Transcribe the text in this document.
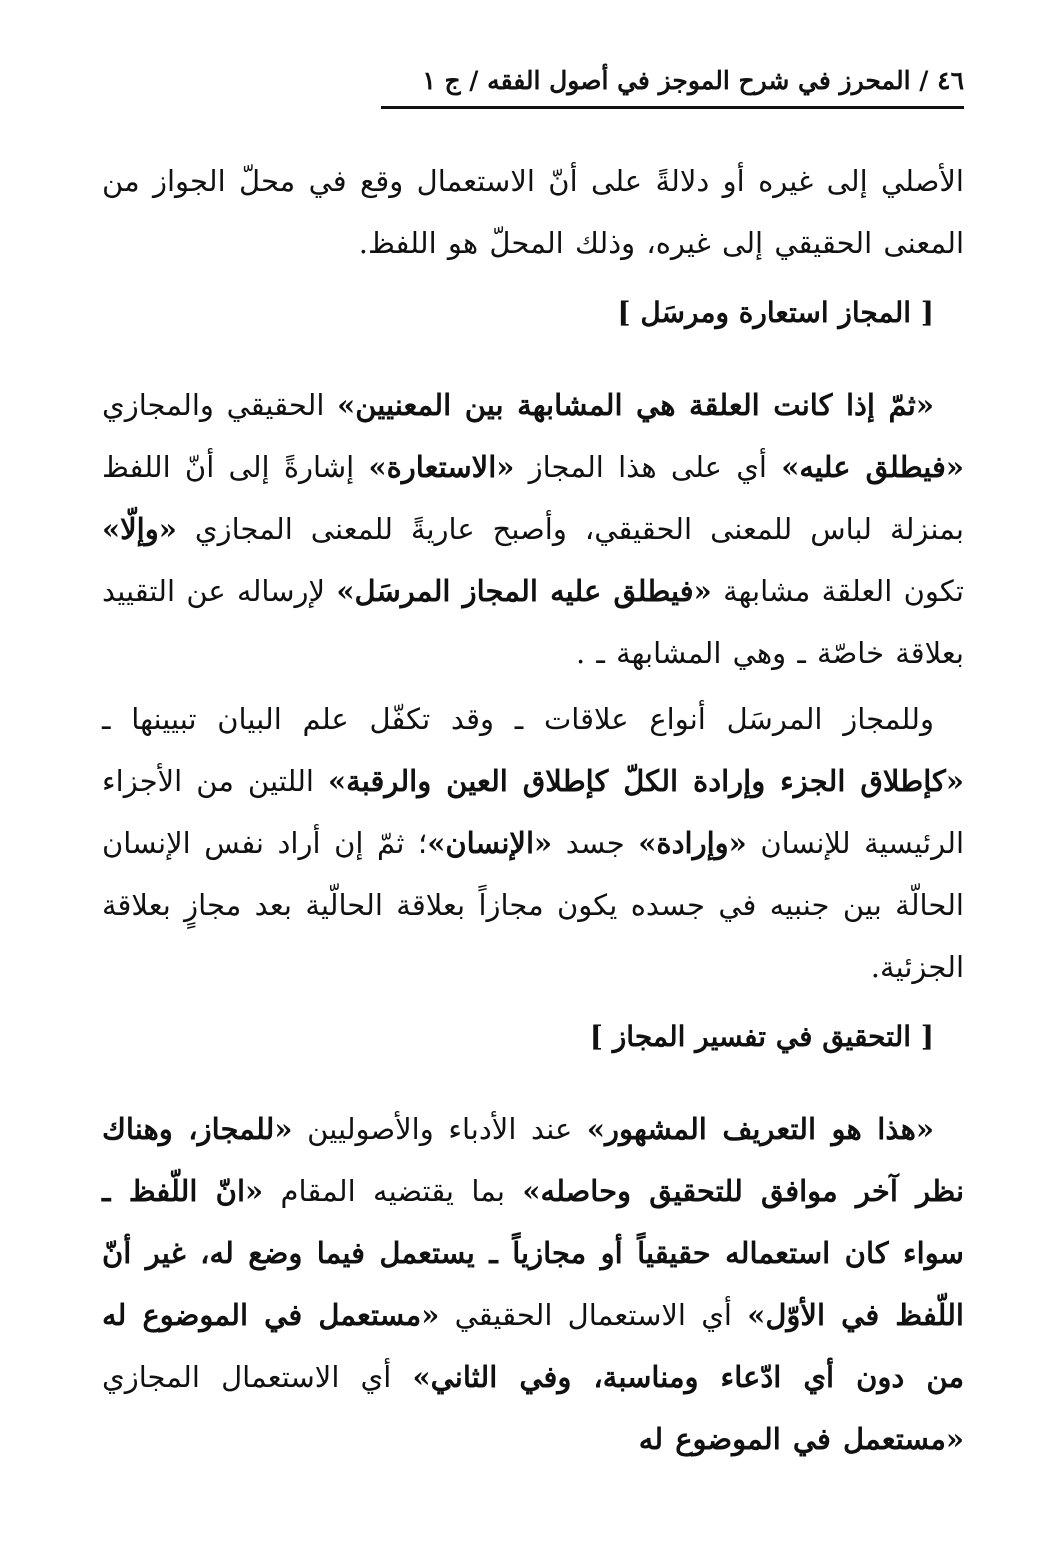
٤٦

/

المحرز في شرح الموجز في أصول الفقه

/ ج ١

الأصلي إلى غيره أو دلالةً على أنّ الاستعمال وقع في محلّ الجواز من المعنى الحقيقي إلى غيره، وذلك المحلّ هو اللفظ.

[ المجاز استعارة ومرسَل ]

«ثمّ إذا كانت العلقة هي المشابهة بين المعنيين» الحقيقي والمجازي «فيطلق عليه» أي على هذا المجاز «الاستعارة» إشارةً إلى أنّ اللفظ بمنزلة لباس للمعنى الحقيقي، وأصبح عاريةً للمعنى المجازي «وإلّا» تكون العلقة مشابهة «فيطلق عليه المجاز المرسَل» لإرساله عن التقييد بعلاقة خاصّة ـ وهي المشابهة ـ .

وللمجاز المرسَل أنواع علاقات ـ وقد تكفّل علم البيان تبيينها ـ «كإطلاق الجزء وإرادة الكلّ كإطلاق العين والرقبة» اللتين من الأجزاء الرئيسية للإنسان «وإرادة» جسد «الإنسان»؛ ثمّ إن أراد نفس الإنسان الحالّة بين جنبيه في جسده يكون مجازاً بعلاقة الحالّية بعد مجازٍ بعلاقة الجزئية.

[ التحقيق في تفسير المجاز ]

«هذا هو التعريف المشهور» عند الأدباء والأصوليين «للمجاز، وهناك نظر آخر موافق للتحقيق وحاصله» بما يقتضيه المقام «انّ اللّفظ ـ سواء كان استعماله حقيقياً أو مجازياً ـ يستعمل فيما وضع له، غير أنّ اللّفظ في الأوّل» أي الاستعمال الحقيقي «مستعمل في الموضوع له من دون أي ادّعاء ومناسبة، وفي الثاني» أي الاستعمال المجازي «مستعمل في الموضوع له
